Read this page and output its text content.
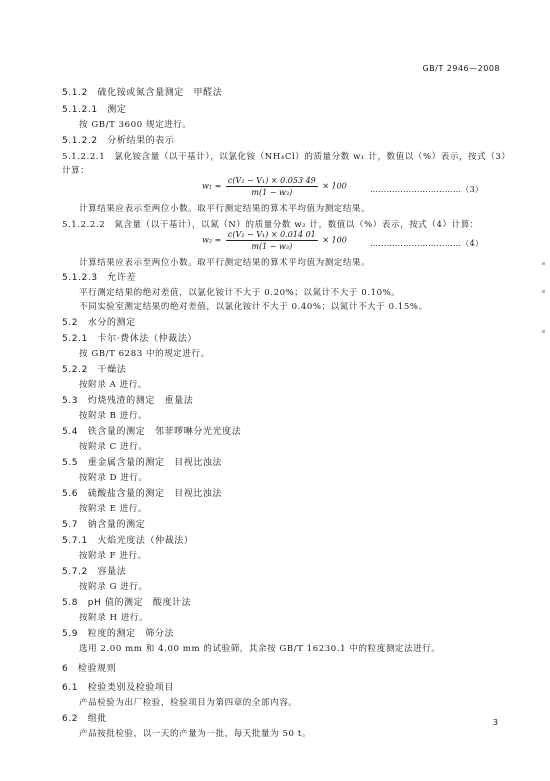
GB/T 2946—2008
5.1.2　硫化铵或氮含量测定　甲醛法
5.1.2.1　测定
按 GB/T 3600 规定进行。
5.1.2.2　分析结果的表示
5.1.2.2.1　氯化铵含量（以干基计），以氯化铵（NH₄Cl）的质量分数 w₁ 计，数值以（%）表示，按式（3）
计算：
$w_1 = \frac{\text{c(V₂ − V₁) × 0.053 49}}{\text{m(1 − w₃)}} \times 100$	……………………………（3）
计算结果应表示至两位小数。取平行测定结果的算术平均值为测定结果。
5.1.2.2.2　氮含量（以干基计），以氮（N）的质量分数 w₂ 计，数值以（%）表示，按式（4）计算：
$w_2 = \frac{\text{c(V₂ − V₁) × 0.014 01}}{\text{m(1 − w₃)}} \times 100$	……………………………（4）
计算结果应表示至两位小数。取平行测定结果的算术平均值为测定结果。
5.1.2.3　允许差
平行测定结果的绝对差值，以氯化铵计不大于 0.20%；以氮计不大于 0.10%。
不同实验室测定结果的绝对差值，以氯化铵计不大于 0.40%；以氮计不大于 0.15%。
5.2　水分的测定
5.2.1　卡尔·费休法（仲裁法）
按 GB/T 6283 中的规定进行。
5.2.2　干燥法
按附录 A 进行。
5.3　灼烧残渣的测定　重量法
按附录 B 进行。
5.4　铁含量的测定　邻菲啰啉分光光度法
按附录 C 进行。
5.5　重金属含量的测定　目视比浊法
按附录 D 进行。
5.6　硫酸盐含量的测定　目视比浊法
按附录 E 进行。
5.7　钠含量的测定
5.7.1　火焰光度法（仲裁法）
按附录 F 进行。
5.7.2　容量法
按附录 G 进行。
5.8　pH 值的测定　酸度计法
按附录 H 进行。
5.9　粒度的测定　筛分法
选用 2.00 mm 和 4.00 mm 的试验筛，其余按 GB/T 16230.1 中的粒度测定法进行。
6　检验规则
6.1　检验类别及检验项目
产品检验为出厂检验，检验项目为第四章的全部内容。
6.2　组批
产品按批检验，以一天的产量为一批，每天批量为 50 t。
3
